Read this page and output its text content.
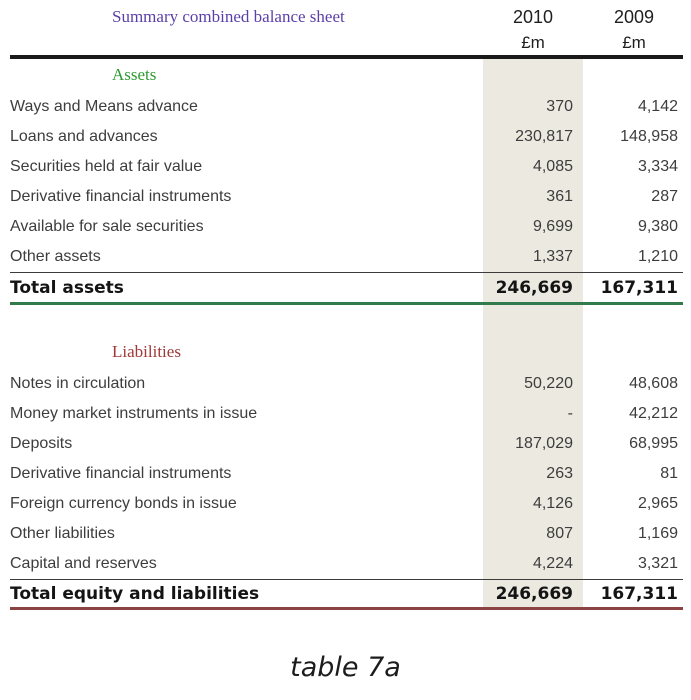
Summary combined balance sheet	2010	2009
£m	£m
Assets
Ways and Means advance	370	4,142
Loans and advances	230,817	148,958
Securities held at fair value	4,085	3,334
Derivative financial instruments	361	287
Available for sale securities	9,699	9,380
Other assets	1,337	1,210
Total assets	246,669	167,311
Liabilities
Notes in circulation	50,220	48,608
Money market instruments in issue	-	42,212
Deposits	187,029	68,995
Derivative financial instruments	263	81
Foreign currency bonds in issue	4,126	2,965
Other liabilities	807	1,169
Capital and reserves	4,224	3,321
Total equity and liabilities	246,669	167,311
table 7a
